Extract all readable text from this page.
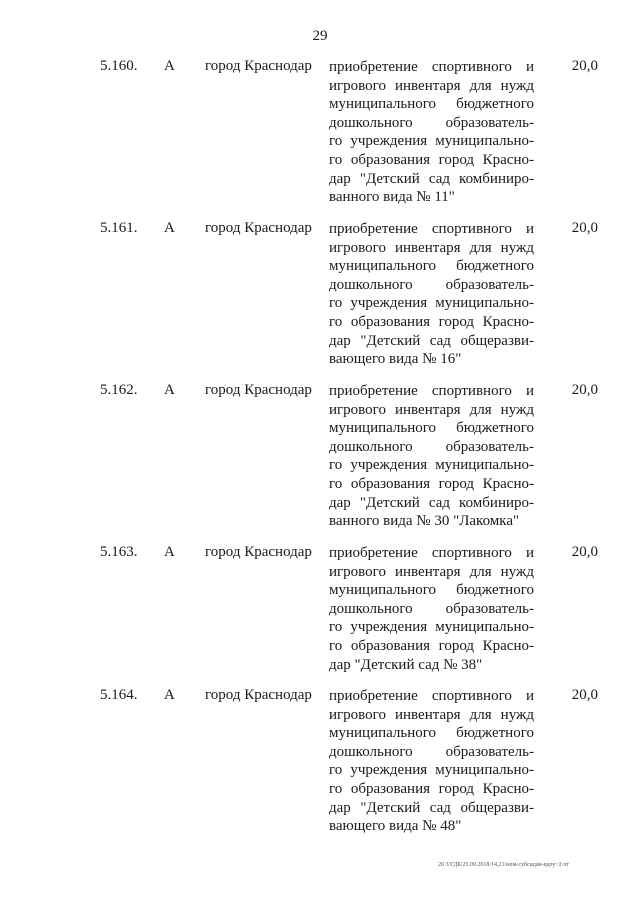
29
5.160. А город Краснодар приобретение спортивного и
игрового инвентаря для нужд
муниципального бюджетного
дошкольного образователь-
го учреждения муниципально-
го образования город Красно-
дар "Детский сад комбиниро-
ванного вида № 11"
20,0
5.161. А город Краснодар приобретение спортивного и
игрового инвентаря для нужд
муниципального бюджетного
дошкольного образователь-
го учреждения муниципально-
го образования город Красно-
дар "Детский сад общеразви-
вающего вида № 16"
20,0
5.162. А город Краснодар приобретение спортивного и
игрового инвентаря для нужд
муниципального бюджетного
дошкольного образователь-
го учреждения муниципально-
го образования город Красно-
дар "Детский сад комбиниро-
ванного вида № 30 "Лакомка"
20,0
5.163. А город Краснодар приобретение спортивного и
игрового инвентаря для нужд
муниципального бюджетного
дошкольного образователь-
го учреждения муниципально-
го образования город Красно-
дар "Детский сад № 38"
20,0
5.164. А город Краснодар приобретение спортивного и
игрового инвентаря для нужд
муниципального бюджетного
дошкольного образователь-
го учреждения муниципально-
го образования город Красно-
дар "Детский сад общеразви-
вающего вида № 48"
20,0
20 3/ГДБ/25.09.2018/14,21/нпм-субсидия-вдоу~2.чт
